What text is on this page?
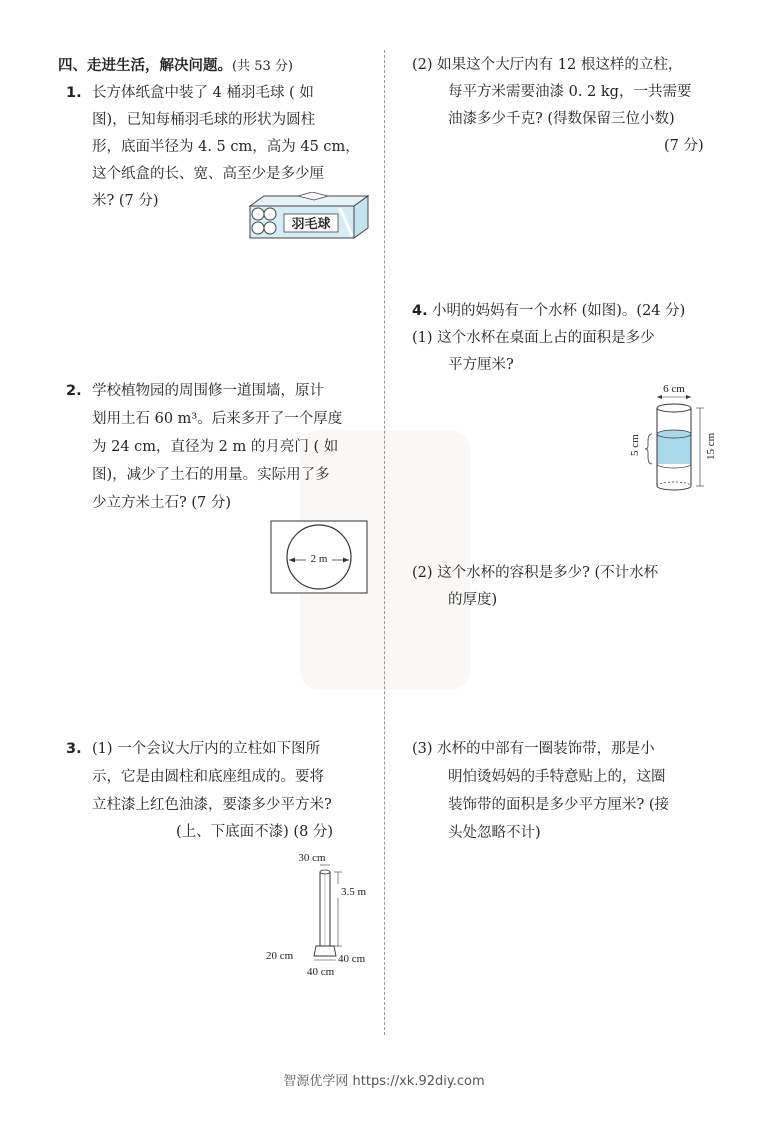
四、走进生活，解决问题。(共 53 分)
1. 长方体纸盒中装了 4 桶羽毛球 ( 如
图)，已知每桶羽毛球的形状为圆柱
形，底面半径为 4. 5 cm，高为 45 cm，
这个纸盒的长、宽、高至少是多少厘
米? (7 分)
羽毛球
2. 学校植物园的周围修一道围墙，原计
划用土石 60 m³。后来多开了一个厚度
为 24 cm，直径为 2 m 的月亮门 ( 如
图)，减少了土石的用量。实际用了多
少立方米土石? (7 分)
2 m
3. (1) 一个会议大厅内的立柱如下图所
示，它是由圆柱和底座组成的。要将
立柱漆上红色油漆，要漆多少平方米?
(上、下底面不漆) (8 分)
30 cm
3.5 m
20 cm	40 cm
40 cm
(2) 如果这个大厅内有 12 根这样的立柱，
每平方米需要油漆 0. 2 kg，一共需要
油漆多少千克? (得数保留三位小数)
(7 分)
4. 小明的妈妈有一个水杯 (如图)。(24 分)
(1) 这个水杯在桌面上占的面积是多少
平方厘米?
6 cm
5 cm	15 cm
(2) 这个水杯的容积是多少? (不计水杯
的厚度)
(3) 水杯的中部有一圈装饰带，那是小
明怕烫妈妈的手特意贴上的，这圈
装饰带的面积是多少平方厘米? (接
头处忽略不计)
智源优学网 https://xk.92diy.com
